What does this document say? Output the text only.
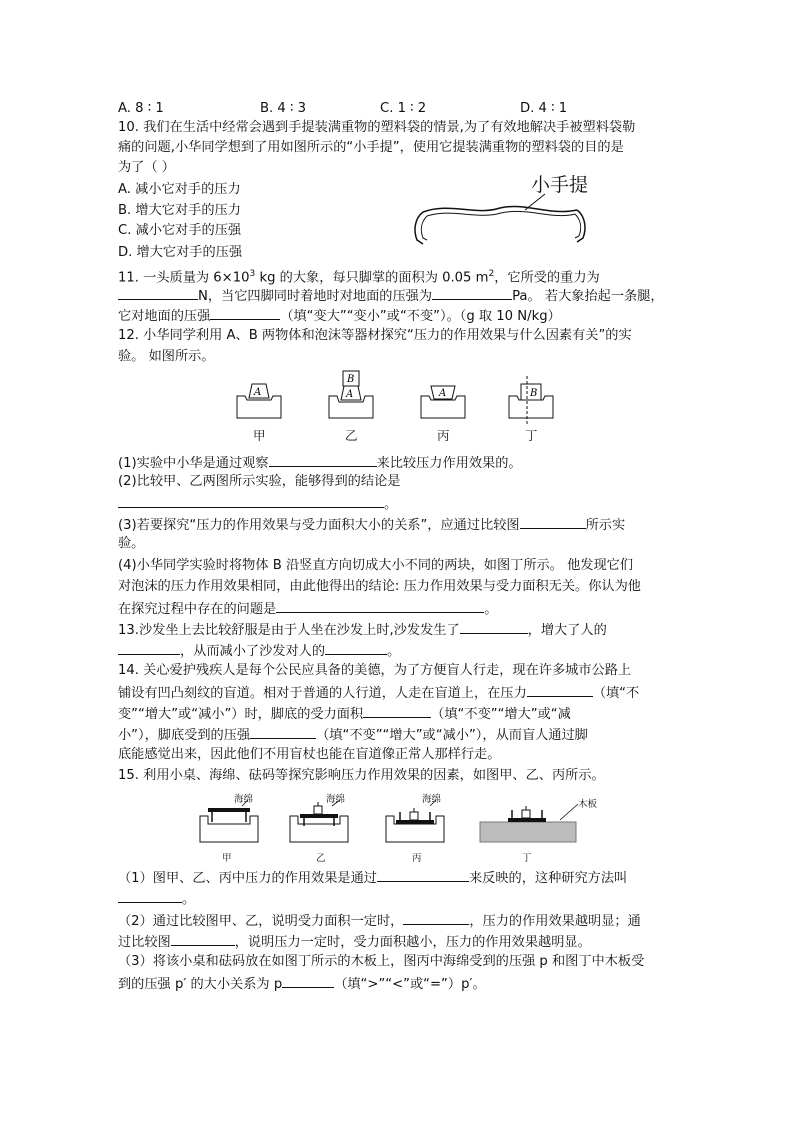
A. 8 ∶ 1	B. 4 ∶ 3	C. 1 ∶ 2	D. 4 ∶ 1
10. 我们在生活中经常会遇到手提装满重物的塑料袋的情景,为了有效地解决手被塑料袋勒
痛的问题,小华同学想到了用如图所示的“小手提”，使用它提装满重物的塑料袋的目的是
为了（ ）
A. 减小它对手的压力
B. 增大它对手的压力
C. 减小它对手的压强
D. 增大它对手的压强
小手提
11. 一头质量为 $6\times 10^3$ kg 的大象，每只脚掌的面积为 0.05 $m^2$，它所受的重力为
N，当它四脚同时着地时对地面的压强为	Pa。 若大象抬起一条腿，
它对地面的压强	（填“变大”“变小”或“不变”）。（g 取 10 N/kg）
12. 小华同学利用 A、B 两物体和泡沫等器材探究“压力的作用效果与什么因素有关”的实
验。 如图所示。
A	A
B
A	B
甲	乙	丙	丁
(1)实验中小华是通过观察	来比较压力作用效果的。
(2)比较甲、乙两图所示实验，能够得到的结论是
。
(3)若要探究“压力的作用效果与受力面积大小的关系”，应通过比较图	所示实
验。
(4)小华同学实验时将物体 B 沿竖直方向切成大小不同的两块，如图丁所示。 他发现它们
对泡沫的压力作用效果相同，由此他得出的结论: 压力作用效果与受力面积无关。你认为他
在探究过程中存在的问题是	。
13.沙发坐上去比较舒服是由于人坐在沙发上时,沙发发生了	，增大了人的
，从而减小了沙发对人的	。
14. 关心爱护残疾人是每个公民应具备的美德，为了方便盲人行走，现在许多城市公路上
铺设有凹凸刻纹的盲道。相对于普通的人行道，人走在盲道上，在压力	（填“不
变”“增大”或“减小”）时，脚底的受力面积	（填“不变”“增大”或“减
小”），脚底受到的压强	（填“不变”“增大”或“减小”），从而盲人通过脚
底能感觉出来，因此他们不用盲杖也能在盲道像正常人那样行走。
15. 利用小桌、海绵、砝码等探究影响压力作用效果的因素，如图甲、乙、丙所示。
海绵	海绵	海绵	木板
甲	乙	丙	丁
（1）图甲、乙、丙中压力的作用效果是通过	来反映的，这种研究方法叫
。
（2）通过比较图甲、乙，说明受力面积一定时，	，压力的作用效果越明显；通
过比较图	，说明压力一定时，受力面积越小，压力的作用效果越明显。
（3）将该小桌和砝码放在如图丁所示的木板上，图丙中海绵受到的压强 p 和图丁中木板受
到的压强 p′ 的大小关系为 p	（填“>”“<”或“=”）p′。
